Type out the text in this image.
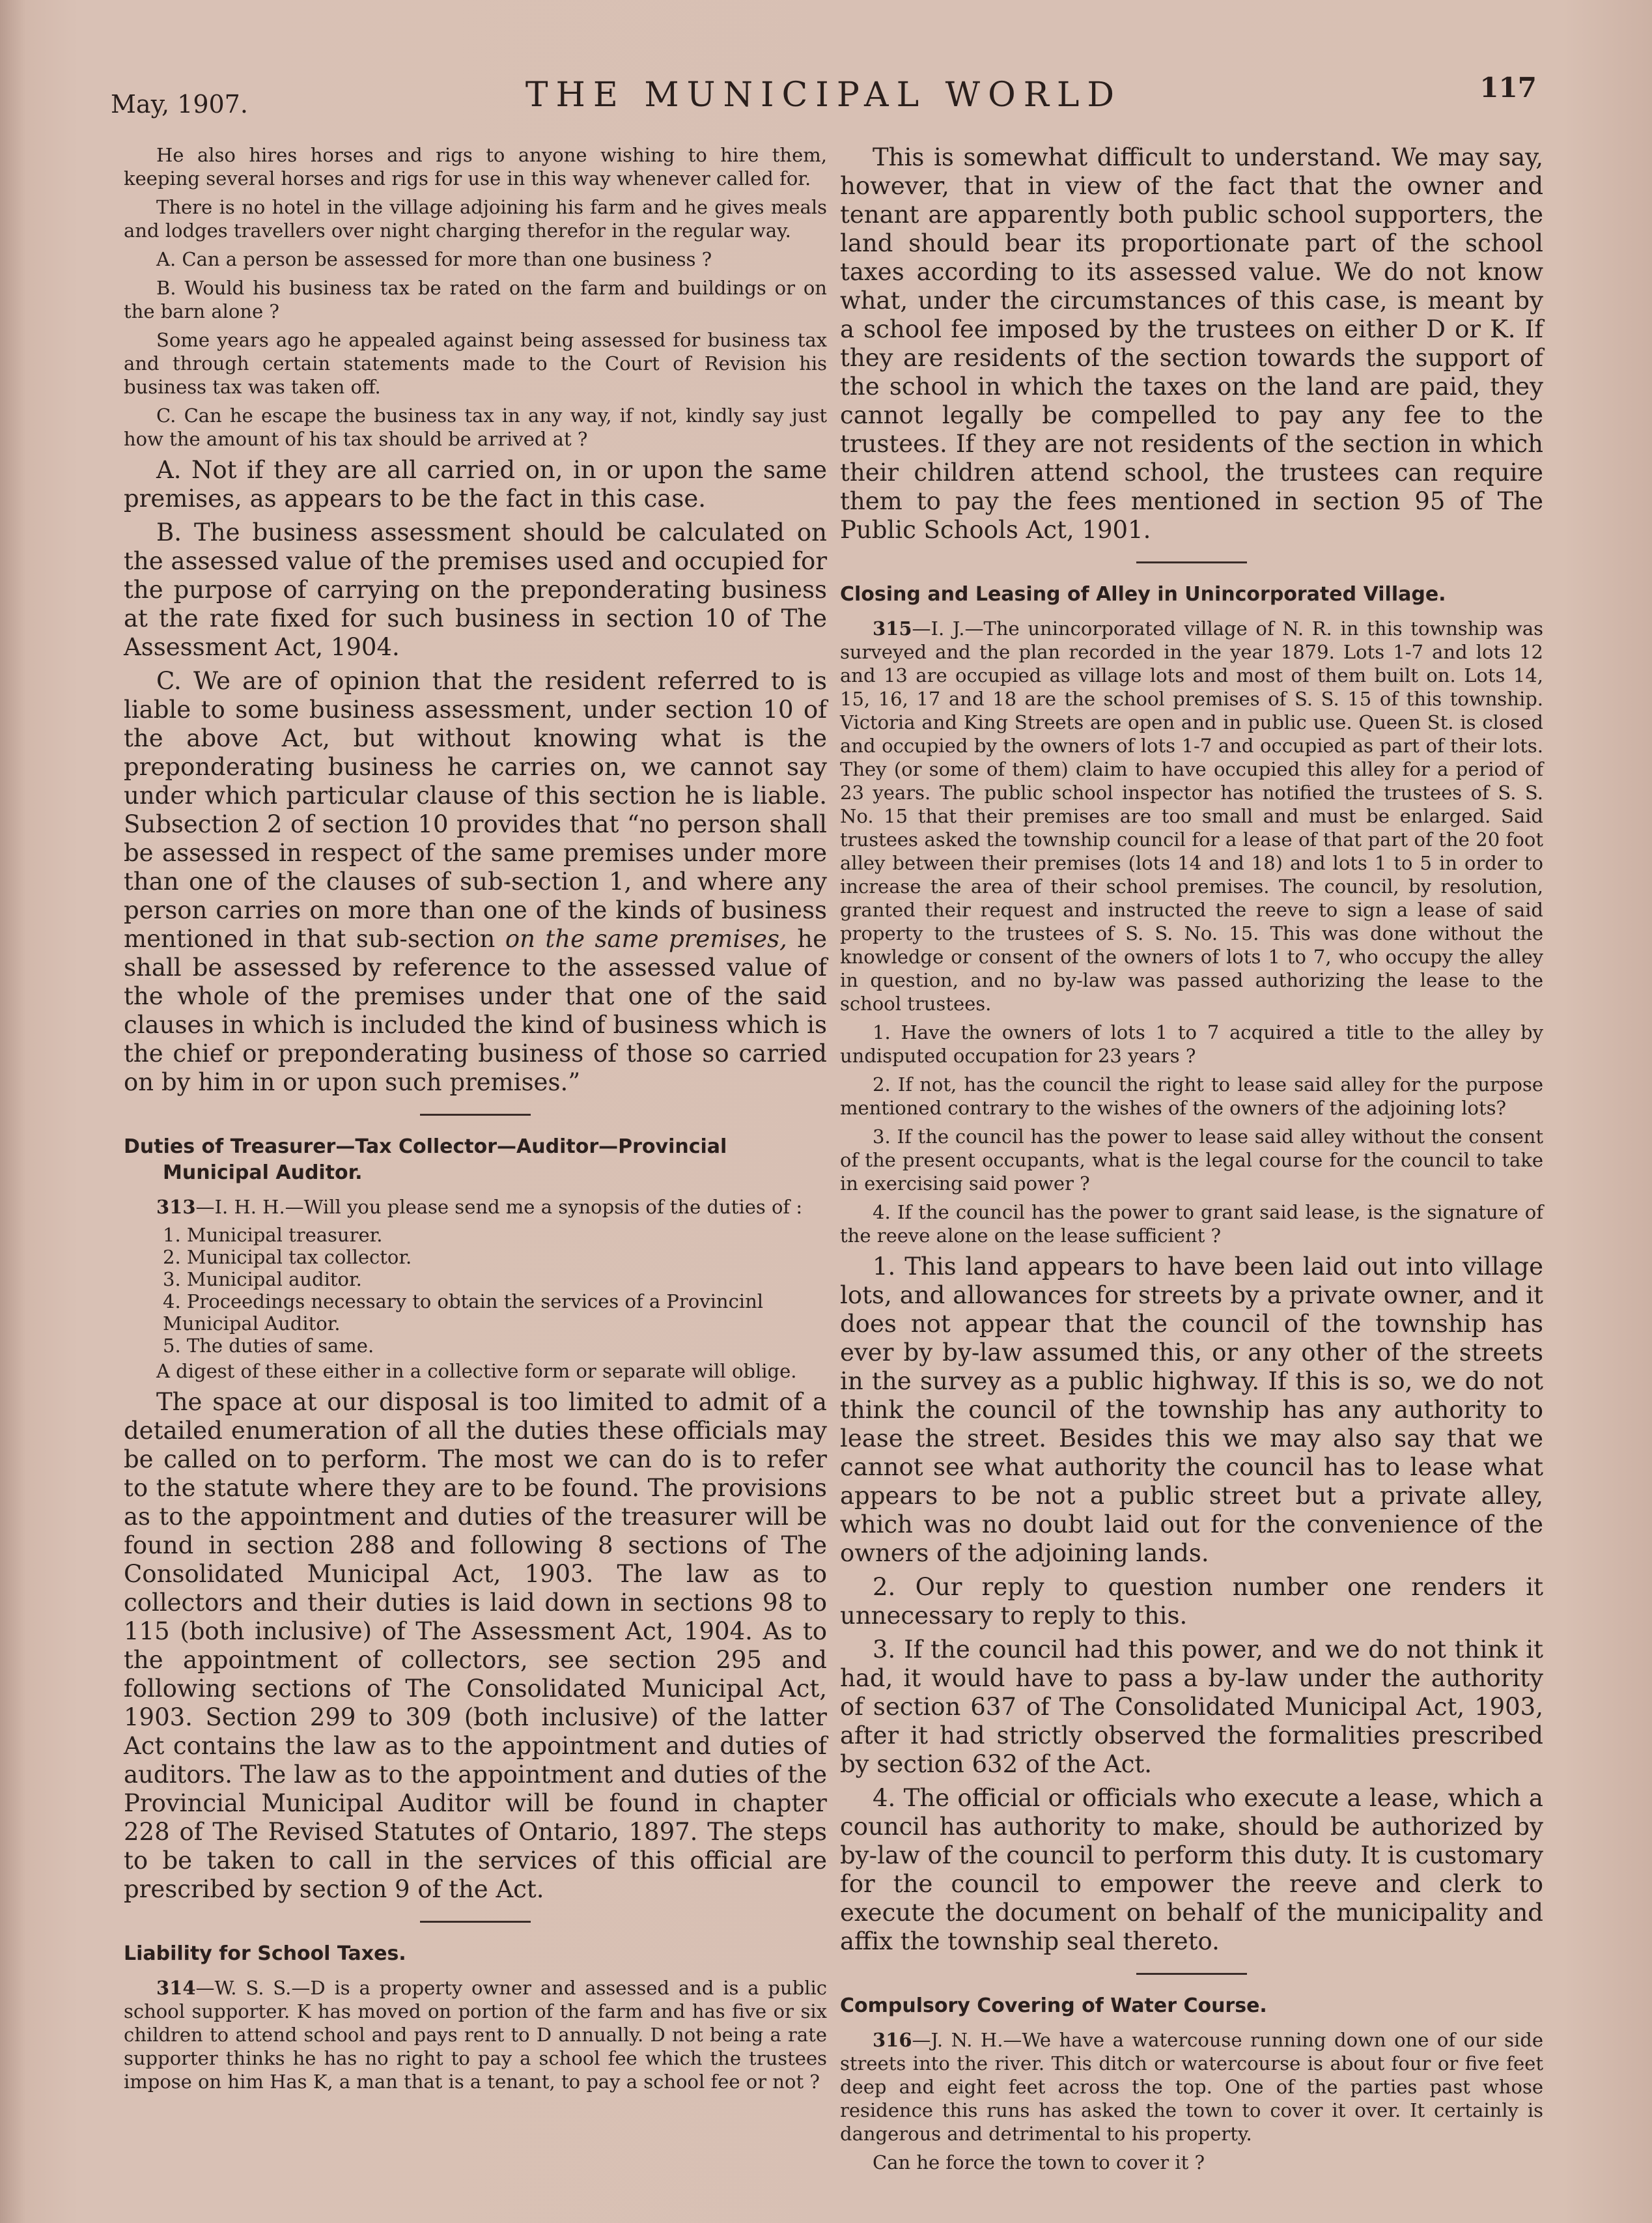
May, 1907.	THE MUNICIPAL WORLD	117

He also hires horses and rigs to anyone wishing to hire them, keeping several horses and rigs for use in this way whenever called for.

There is no hotel in the village adjoining his farm and he gives meals and lodges travellers over night charging therefor in the regular way.

A. Can a person be assessed for more than one business ?

B. Would his business tax be rated on the farm and buildings or on the barn alone ?

Some years ago he appealed against being assessed for business tax and through certain statements made to the Court of Revision his business tax was taken off.

C. Can he escape the business tax in any way, if not, kindly say just how the amount of his tax should be arrived at ?

A. Not if they are all carried on, in or upon the same premises, as appears to be the fact in this case.

B. The business assessment should be calculated on the assessed value of the premises used and occupied for the purpose of carrying on the preponderating business at the rate fixed for such business in section 10 of The Assessment Act, 1904.

C. We are of opinion that the resident referred to is liable to some business assessment, under section 10 of the above Act, but without knowing what is the preponderating business he carries on, we cannot say under which particular clause of this section he is liable. Subsection 2 of section 10 provides that “no person shall be assessed in respect of the same premises under more than one of the clauses of sub-section 1, and where any person carries on more than one of the kinds of business mentioned in that sub-section on the same premises, he shall be assessed by reference to the assessed value of the whole of the premises under that one of the said clauses in which is included the kind of business which is the chief or preponderating business of those so carried on by him in or upon such premises.”

Duties of Treasurer—Tax Collector—Auditor—Provincial Municipal Auditor.

313—I. H. H.—Will you please send me a synopsis of the duties of :

1. Municipal treasurer.
2. Municipal tax collector.
3. Municipal auditor.
4. Proceedings necessary to obtain the services of a Provincinl Municipal Auditor.
5. The duties of same.

A digest of these either in a collective form or separate will oblige.

The space at our disposal is too limited to admit of a detailed enumeration of all the duties these officials may be called on to perform. The most we can do is to refer to the statute where they are to be found. The provisions as to the appointment and duties of the treasurer will be found in section 288 and following 8 sections of The Consolidated Municipal Act, 1903. The law as to collectors and their duties is laid down in sections 98 to 115 (both inclusive) of The Assessment Act, 1904. As to the appointment of collectors, see section 295 and following sections of The Consolidated Municipal Act, 1903. Section 299 to 309 (both inclusive) of the latter Act contains the law as to the appointment and duties of auditors. The law as to the appointment and duties of the Provincial Municipal Auditor will be found in chapter 228 of The Revised Statutes of Ontario, 1897. The steps to be taken to call in the services of this official are prescribed by section 9 of the Act.

Liability for School Taxes.

314—W. S. S.—D is a property owner and assessed and is a public school supporter. K has moved on portion of the farm and has five or six children to attend school and pays rent to D annually. D not being a rate supporter thinks he has no right to pay a school fee which the trustees impose on him Has K, a man that is a tenant, to pay a school fee or not ?

This is somewhat difficult to understand. We may say, however, that in view of the fact that the owner and tenant are apparently both public school supporters, the land should bear its proportionate part of the school taxes according to its assessed value. We do not know what, under the circumstances of this case, is meant by a school fee imposed by the trustees on either D or K. If they are residents of the section towards the support of the school in which the taxes on the land are paid, they cannot legally be compelled to pay any fee to the trustees. If they are not residents of the section in which their children attend school, the trustees can require them to pay the fees mentioned in section 95 of The Public Schools Act, 1901.

Closing and Leasing of Alley in Unincorporated Village.

315—I. J.—The unincorporated village of N. R. in this township was surveyed and the plan recorded in the year 1879. Lots 1-7 and lots 12 and 13 are occupied as village lots and most of them built on. Lots 14, 15, 16, 17 and 18 are the school premises of S. S. 15 of this township. Victoria and King Streets are open and in public use. Queen St. is closed and occupied by the owners of lots 1-7 and occupied as part of their lots. They (or some of them) claim to have occupied this alley for a period of 23 years. The public school inspector has notified the trustees of S. S. No. 15 that their premises are too small and must be enlarged. Said trustees asked the township council for a lease of that part of the 20 foot alley between their premises (lots 14 and 18) and lots 1 to 5 in order to increase the area of their school premises. The council, by resolution, granted their request and instructed the reeve to sign a lease of said property to the trustees of S. S. No. 15. This was done without the knowledge or consent of the owners of lots 1 to 7, who occupy the alley in question, and no by-law was passed authorizing the lease to the school trustees.

1. Have the owners of lots 1 to 7 acquired a title to the alley by undisputed occupation for 23 years ?

2. If not, has the council the right to lease said alley for the purpose mentioned contrary to the wishes of the owners of the adjoining lots?

3. If the council has the power to lease said alley without the consent of the present occupants, what is the legal course for the council to take in exercising said power ?

4. If the council has the power to grant said lease, is the signature of the reeve alone on the lease sufficient ?

1. This land appears to have been laid out into village lots, and allowances for streets by a private owner, and it does not appear that the council of the township has ever by by-law assumed this, or any other of the streets in the survey as a public highway. If this is so, we do not think the council of the township has any authority to lease the street. Besides this we may also say that we cannot see what authority the council has to lease what appears to be not a public street but a private alley, which was no doubt laid out for the convenience of the owners of the adjoining lands.

2. Our reply to question number one renders it unnecessary to reply to this.

3. If the council had this power, and we do not think it had, it would have to pass a by-law under the authority of section 637 of The Consolidated Municipal Act, 1903, after it had strictly observed the formalities prescribed by section 632 of the Act.

4. The official or officials who execute a lease, which a council has authority to make, should be authorized by by-law of the council to perform this duty. It is customary for the council to empower the reeve and clerk to execute the document on behalf of the municipality and affix the township seal thereto.

Compulsory Covering of Water Course.

316—J. N. H.—We have a watercouse running down one of our side streets into the river. This ditch or watercourse is about four or five feet deep and eight feet across the top. One of the parties past whose residence this runs has asked the town to cover it over. It certainly is dangerous and detrimental to his property.

Can he force the town to cover it ?
